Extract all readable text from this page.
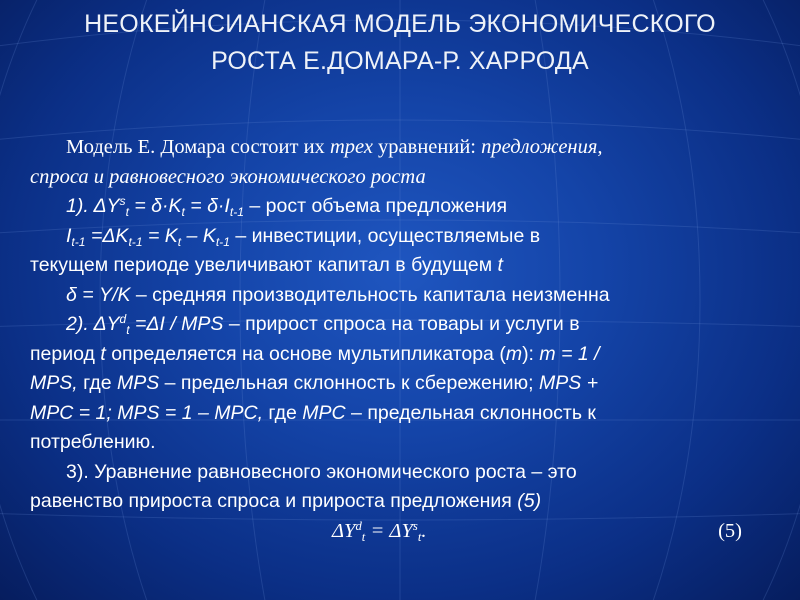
НЕОКЕЙНСИАНСКАЯ МОДЕЛЬ ЭКОНОМИЧЕСКОГО
РОСТА Е.ДОМАРА-Р. ХАРРОДА
Модель Е. Домара состоит их трех уравнений: предложения,
спроса и равновесного экономического роста
1). $\Delta Y^s_t = \delta\cdot K_t = \delta\cdot I_{t-1}$ – рост объема предложения
$I_{t-1} =\Delta K_{t-1} = K_t - K_{t-1}$ – инвестиции, осуществляемые в
текущем периоде увеличивают капитал в будущем t
δ = Y/K – средняя производительность капитала неизменна
2). $\Delta Y^d_t =\Delta I$ / MPS – прирост спроса на товары и услуги в
период t определяется на основе мультипликатора (m): m = 1 /
MPS, где MPS – предельная склонность к сбережению; MPS +
MPC = 1; MPS = 1 – MPC, где MPC – предельная склонность к
потреблению.
3). Уравнение равновесного экономического роста – это
равенство прироста спроса и прироста предложения (5)
$\Delta Y^d_t = \Delta Y^s_t$.	(5)
